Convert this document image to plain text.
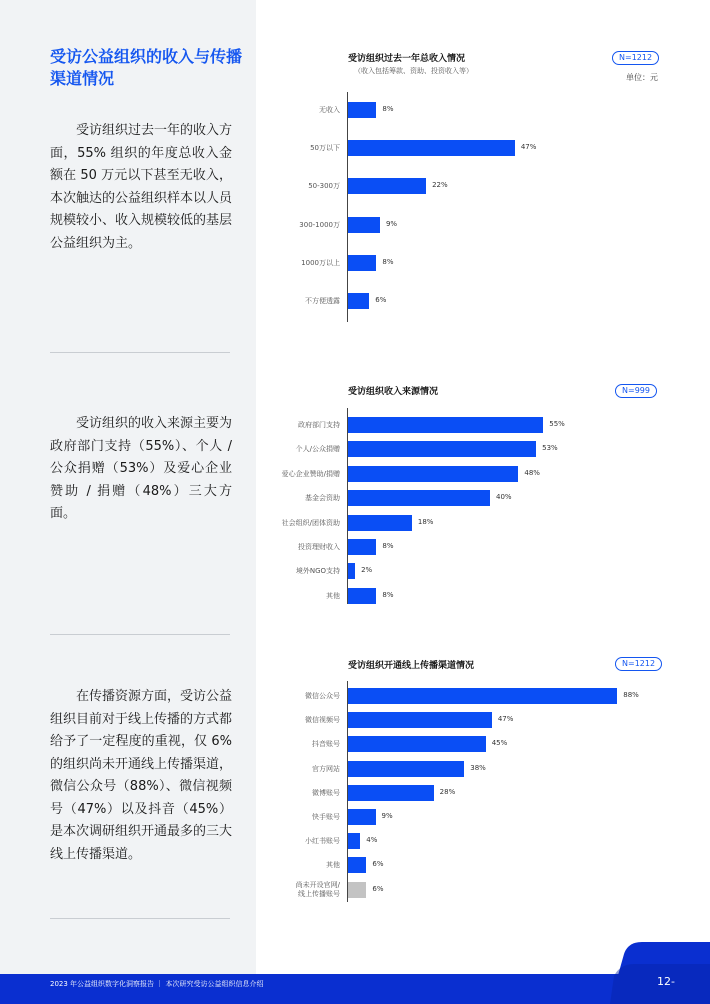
受访公益组织的收入与传播渠道情况
受访组织过去一年的收入方面，55% 组织的年度总收入金额在 50 万元以下甚至无收入，本次触达的公益组织样本以人员规模较小、收入规模较低的基层公益组织为主。
受访组织的收入来源主要为政府部门支持（55%）、个人 / 公众捐赠（53%）及爱心企业赞助 / 捐赠（48%）三大方面。
在传播资源方面，受访公益组织目前对于线上传播的方式都给予了一定程度的重视，仅 6% 的组织尚未开通线上传播渠道，微信公众号（88%）、微信视频号（47%）以及抖音（45%）是本次调研组织开通最多的三大线上传播渠道。
受访组织过去一年总收入情况
（收入包括筹款、资助、投资收入等）
N=1212
单位：元
无收入	8%
50万以下	47%
50-300万	22%
300-1000万	9%
1000万以上	8%
不方便透露	6%
受访组织收入来源情况	N=999
政府部门支持	55%
个人/公众捐赠	53%
爱心企业赞助/捐赠	48%
基金会资助	40%
社会组织/团体资助	18%
投资理财收入	8%
境外NGO支持	2%
其他	8%
受访组织开通线上传播渠道情况	N=1212
微信公众号	88%
微信视频号	47%
抖音账号	45%
官方网站	38%
微博账号	28%
快手账号	9%
小红书账号	4%
其他	6%
尚未开设官网/
线上传播账号
6%
2023 年公益组织数字化洞察报告 ｜ 本次研究受访公益组织信息介绍	12-
